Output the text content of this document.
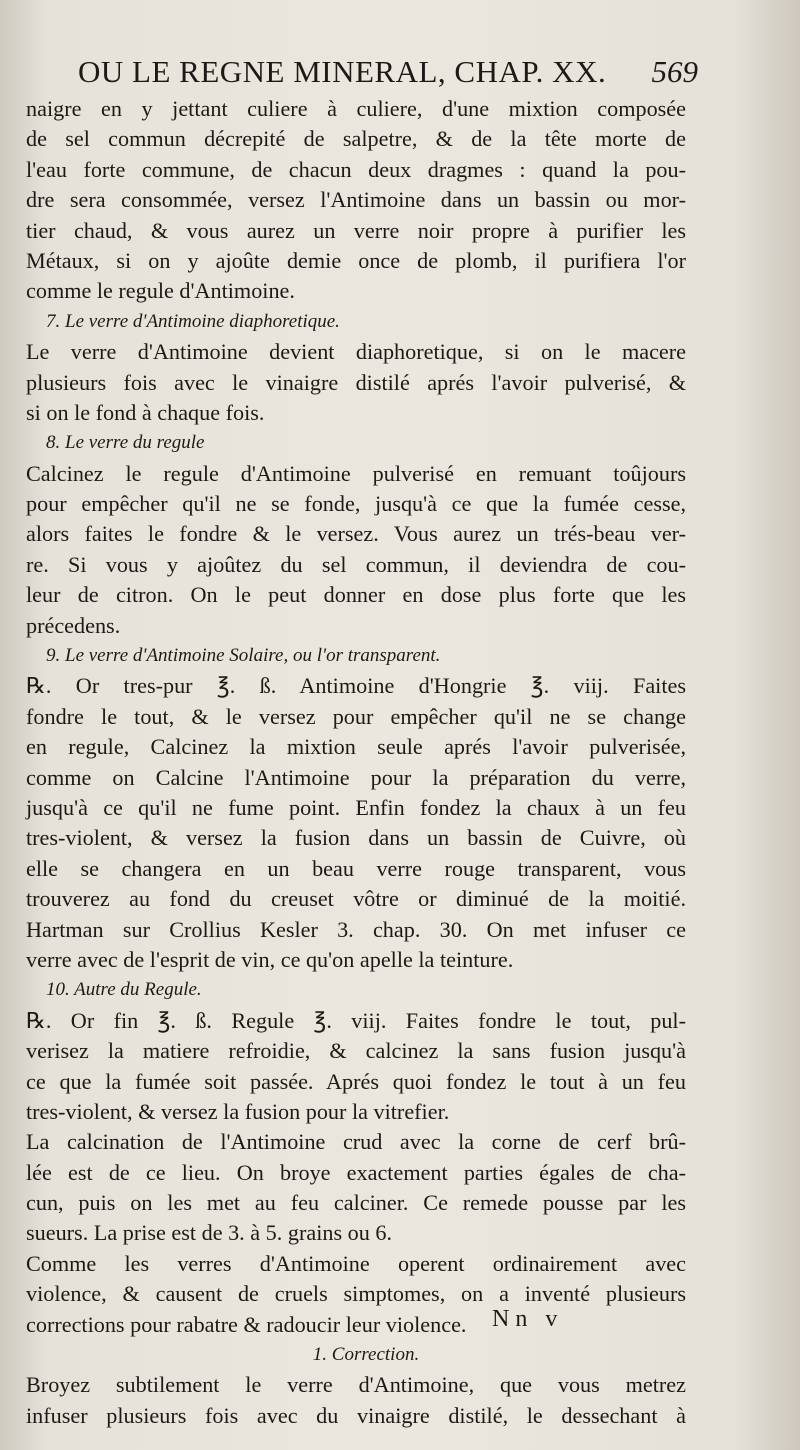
OU LE REGNE MINERAL, CHAP. XX. 569
naigre en y jettant culiere à culiere, d'une mixtion composée
de sel commun décrepité de salpetre, & de la tête morte de
l'eau forte commune, de chacun deux dragmes : quand la pou-
dre sera consommée, versez l'Antimoine dans un bassin ou mor-
tier chaud, & vous aurez un verre noir propre à purifier les
Métaux, si on y ajoûte demie once de plomb, il purifiera l'or
comme le regule d'Antimoine.
7. Le verre d'Antimoine diaphoretique.
Le verre d'Antimoine devient diaphoretique, si on le macere
plusieurs fois avec le vinaigre distilé aprés l'avoir pulverisé, &
si on le fond à chaque fois.
8. Le verre du regule
Calcinez le regule d'Antimoine pulverisé en remuant toûjours
pour empêcher qu'il ne se fonde, jusqu'à ce que la fumée cesse,
alors faites le fondre & le versez. Vous aurez un trés-beau ver-
re. Si vous y ajoûtez du sel commun, il deviendra de cou-
leur de citron. On le peut donner en dose plus forte que les
précedens.
9. Le verre d'Antimoine Solaire, ou l'or transparent.
℞. Or tres-pur ℥. ß. Antimoine d'Hongrie ℥. viij. Faites
fondre le tout, & le versez pour empêcher qu'il ne se change
en regule, Calcinez la mixtion seule aprés l'avoir pulverisée,
comme on Calcine l'Antimoine pour la préparation du verre,
jusqu'à ce qu'il ne fume point. Enfin fondez la chaux à un feu
tres-violent, & versez la fusion dans un bassin de Cuivre, où
elle se changera en un beau verre rouge transparent, vous
trouverez au fond du creuset vôtre or diminué de la moitié.
Hartman sur Crollius Kesler 3. chap. 30. On met infuser ce
verre avec de l'esprit de vin, ce qu'on apelle la teinture.
10. Autre du Regule.
℞. Or fin ℥. ß. Regule ℥. viij. Faites fondre le tout, pul-
verisez la matiere refroidie, & calcinez la sans fusion jusqu'à
ce que la fumée soit passée. Aprés quoi fondez le tout à un feu
tres-violent, & versez la fusion pour la vitrefier.
La calcination de l'Antimoine crud avec la corne de cerf brû-
lée est de ce lieu. On broye exactement parties égales de cha-
cun, puis on les met au feu calciner. Ce remede pousse par les
sueurs. La prise est de 3. à 5. grains ou 6.
Comme les verres d'Antimoine operent ordinairement avec
violence, & causent de cruels simptomes, on a inventé plusieurs
corrections pour rabatre & radoucir leur violence.
1. Correction.
Broyez subtilement le verre d'Antimoine, que vous metrez
infuser plusieurs fois avec du vinaigre distilé, le dessechant à
Nn v
